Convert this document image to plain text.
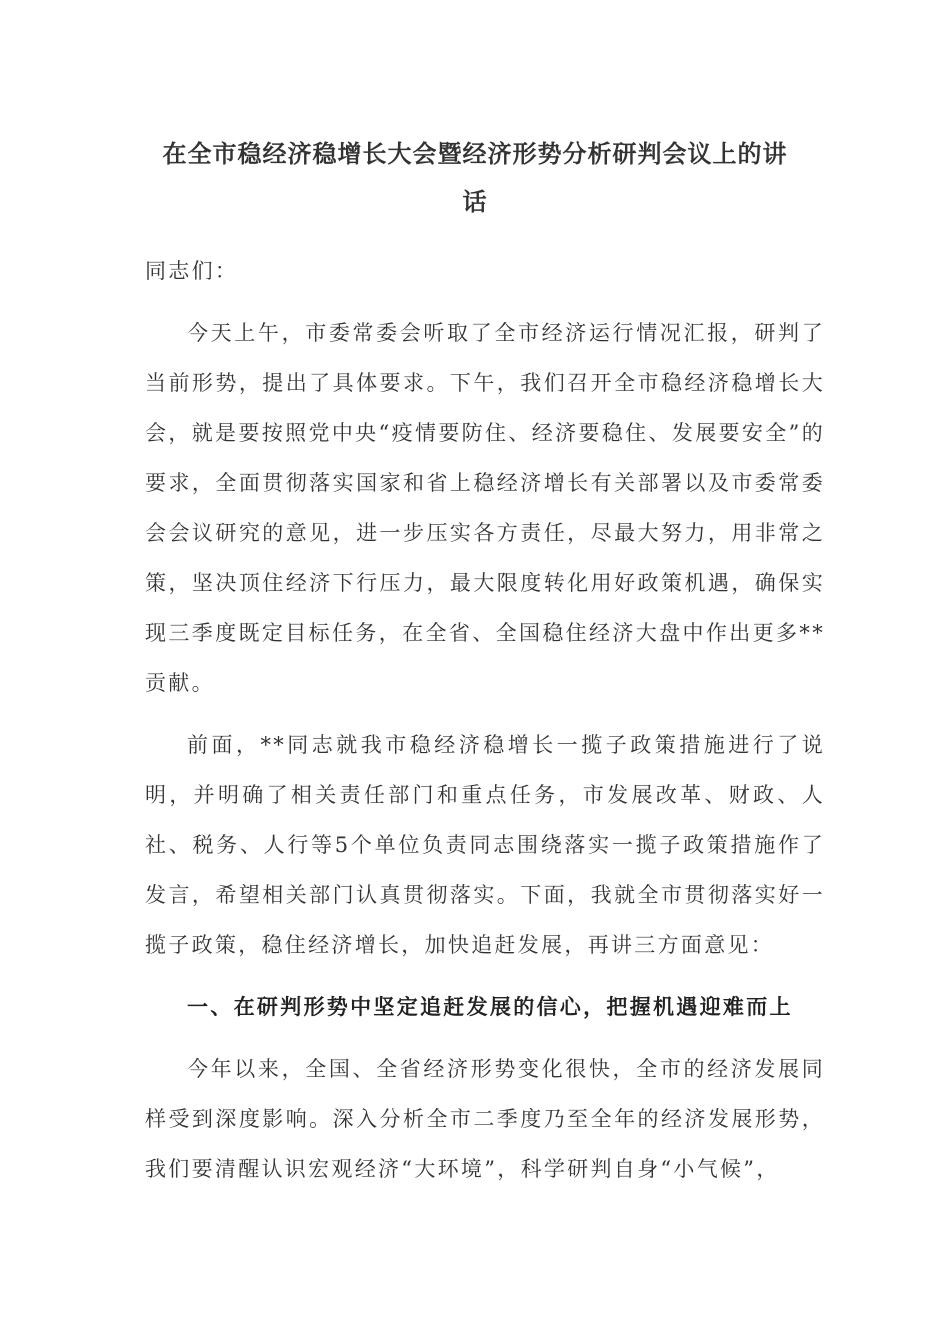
在全市稳经济稳增长大会暨经济形势分析研判会议上的讲
话

同志们：

今天上午，市委常委会听取了全市经济运行情况汇报，研判了当前形势，提出了具体要求。下午，我们召开全市稳经济稳增长大会，就是要按照党中央“疫情要防住、经济要稳住、发展要安全”的要求，全面贯彻落实国家和省上稳经济增长有关部署以及市委常委会会议研究的意见，进一步压实各方责任，尽最大努力，用非常之策，坚决顶住经济下行压力，最大限度转化用好政策机遇，确保实现三季度既定目标任务，在全省、全国稳住经济大盘中作出更多**贡献。

前面，**同志就我市稳经济稳增长一揽子政策措施进行了说明，并明确了相关责任部门和重点任务，市发展改革、财政、人社、税务、人行等5个单位负责同志围绕落实一揽子政策措施作了发言，希望相关部门认真贯彻落实。下面，我就全市贯彻落实好一揽子政策，稳住经济增长，加快追赶发展，再讲三方面意见：

一、在研判形势中坚定追赶发展的信心，把握机遇迎难而上

今年以来，全国、全省经济形势变化很快，全市的经济发展同样受到深度影响。深入分析全市二季度乃至全年的经济发展形势，我们要清醒认识宏观经济“大环境”，科学研判自身“小气候”，
